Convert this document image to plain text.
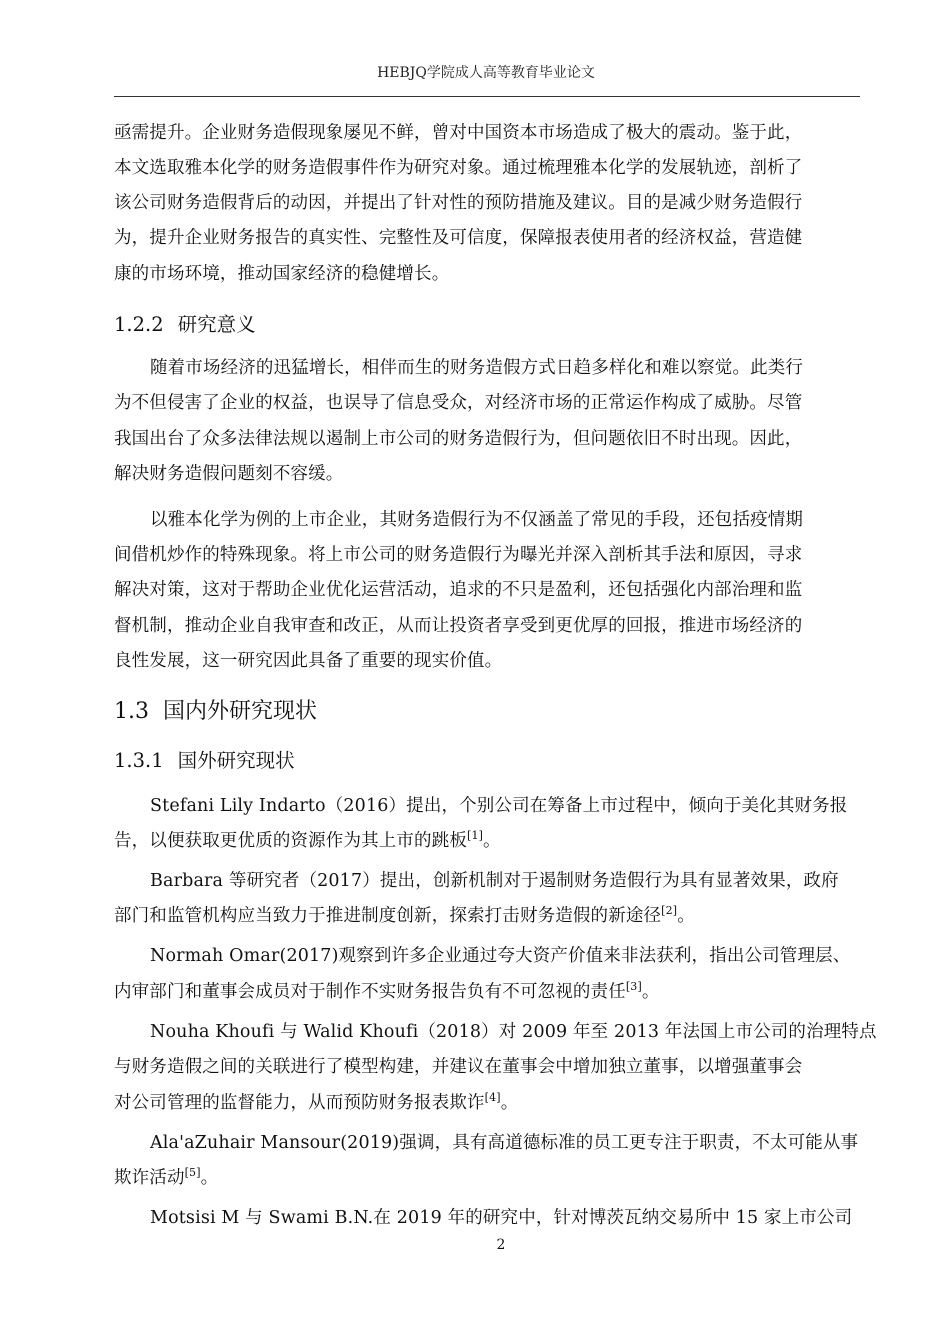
HEBJQ学院成人高等教育毕业论文
亟需提升。企业财务造假现象屡见不鲜，曾对中国资本市场造成了极大的震动。鉴于此，
本文选取雅本化学的财务造假事件作为研究对象。通过梳理雅本化学的发展轨迹，剖析了
该公司财务造假背后的动因，并提出了针对性的预防措施及建议。目的是减少财务造假行
为，提升企业财务报告的真实性、完整性及可信度，保障报表使用者的经济权益，营造健
康的市场环境，推动国家经济的稳健增长。
1.2.2 研究意义
随着市场经济的迅猛增长，相伴而生的财务造假方式日趋多样化和难以察觉。此类行
为不但侵害了企业的权益，也误导了信息受众，对经济市场的正常运作构成了威胁。尽管
我国出台了众多法律法规以遏制上市公司的财务造假行为，但问题依旧不时出现。因此，
解决财务造假问题刻不容缓。
以雅本化学为例的上市企业，其财务造假行为不仅涵盖了常见的手段，还包括疫情期
间借机炒作的特殊现象。将上市公司的财务造假行为曝光并深入剖析其手法和原因，寻求
解决对策，这对于帮助企业优化运营活动，追求的不只是盈利，还包括强化内部治理和监
督机制，推动企业自我审查和改正，从而让投资者享受到更优厚的回报，推进市场经济的
良性发展，这一研究因此具备了重要的现实价值。
1.3 国内外研究现状
1.3.1 国外研究现状
Stefani Lily Indarto（2016）提出，个别公司在筹备上市过程中，倾向于美化其财务报
告，以便获取更优质的资源作为其上市的跳板[1]。
Barbara 等研究者（2017）提出，创新机制对于遏制财务造假行为具有显著效果，政府
部门和监管机构应当致力于推进制度创新，探索打击财务造假的新途径[2]。
Normah Omar(2017)观察到许多企业通过夸大资产价值来非法获利，指出公司管理层、
内审部门和董事会成员对于制作不实财务报告负有不可忽视的责任[3]。
Nouha Khoufi 与 Walid Khoufi（2018）对 2009 年至 2013 年法国上市公司的治理特点
与财务造假之间的关联进行了模型构建，并建议在董事会中增加独立董事，以增强董事会
对公司管理的监督能力，从而预防财务报表欺诈[4]。
Ala'aZuhair Mansour(2019)强调，具有高道德标准的员工更专注于职责，不太可能从事
欺诈活动[5]。
Motsisi M 与 Swami B.N.在 2019 年的研究中，针对博茨瓦纳交易所中 15 家上市公司
2
